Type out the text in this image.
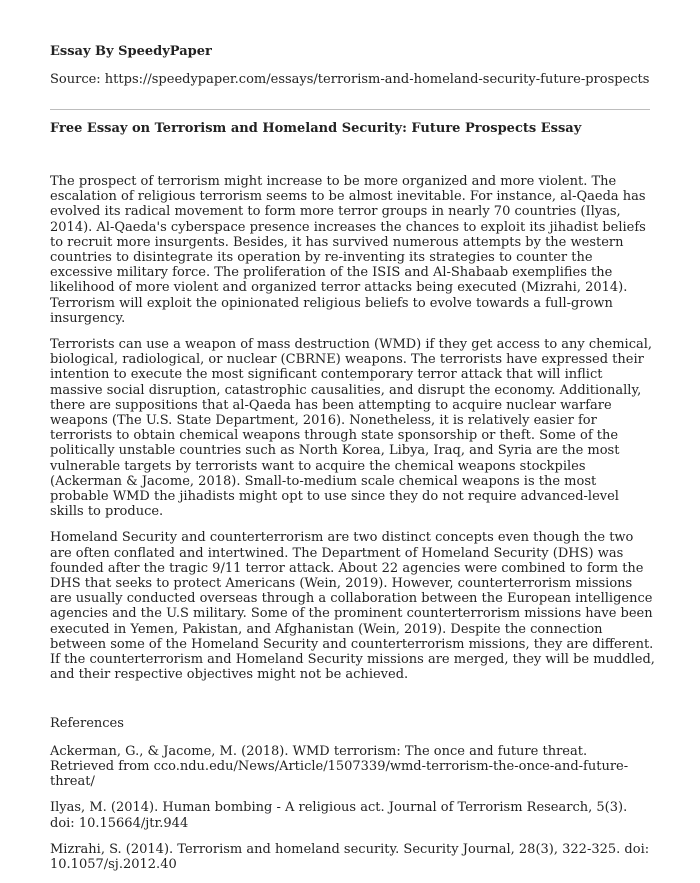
Essay By SpeedyPaper

Source: https://speedypaper.com/essays/terrorism-and-homeland-security-future-prospects

Free Essay on Terrorism and Homeland Security: Future Prospects Essay

The prospect of terrorism might increase to be more organized and more violent. The escalation of religious terrorism seems to be almost inevitable. For instance, al-Qaeda has evolved its radical movement to form more terror groups in nearly 70 countries (Ilyas, 2014). Al-Qaeda's cyberspace presence increases the chances to exploit its jihadist beliefs to recruit more insurgents. Besides, it has survived numerous attempts by the western countries to disintegrate its operation by re-inventing its strategies to counter the excessive military force. The proliferation of the ISIS and Al-Shabaab exemplifies the likelihood of more violent and organized terror attacks being executed (Mizrahi, 2014). Terrorism will exploit the opinionated religious beliefs to evolve towards a full-grown insurgency.

Terrorists can use a weapon of mass destruction (WMD) if they get access to any chemical, biological, radiological, or nuclear (CBRNE) weapons. The terrorists have expressed their intention to execute the most significant contemporary terror attack that will inflict massive social disruption, catastrophic causalities, and disrupt the economy. Additionally, there are suppositions that al-Qaeda has been attempting to acquire nuclear warfare weapons (The U.S. State Department, 2016). Nonetheless, it is relatively easier for terrorists to obtain chemical weapons through state sponsorship or theft. Some of the politically unstable countries such as North Korea, Libya, Iraq, and Syria are the most vulnerable targets by terrorists want to acquire the chemical weapons stockpiles (Ackerman & Jacome, 2018). Small-to-medium scale chemical weapons is the most probable WMD the jihadists might opt to use since they do not require advanced-level skills to produce.

Homeland Security and counterterrorism are two distinct concepts even though the two are often conflated and intertwined. The Department of Homeland Security (DHS) was founded after the tragic 9/11 terror attack. About 22 agencies were combined to form the DHS that seeks to protect Americans (Wein, 2019). However, counterterrorism missions are usually conducted overseas through a collaboration between the European intelligence agencies and the U.S military. Some of the prominent counterterrorism missions have been executed in Yemen, Pakistan, and Afghanistan (Wein, 2019). Despite the connection between some of the Homeland Security and counterterrorism missions, they are different. If the counterterrorism and Homeland Security missions are merged, they will be muddled, and their respective objectives might not be achieved.

References

Ackerman, G., & Jacome, M. (2018). WMD terrorism: The once and future threat. Retrieved from cco.ndu.edu/News/Article/1507339/wmd-terrorism-the-once-and-future-threat/

Ilyas, M. (2014). Human bombing - A religious act. Journal of Terrorism Research, 5(3). doi: 10.15664/jtr.944

Mizrahi, S. (2014). Terrorism and homeland security. Security Journal, 28(3), 322-325. doi: 10.1057/sj.2012.40
